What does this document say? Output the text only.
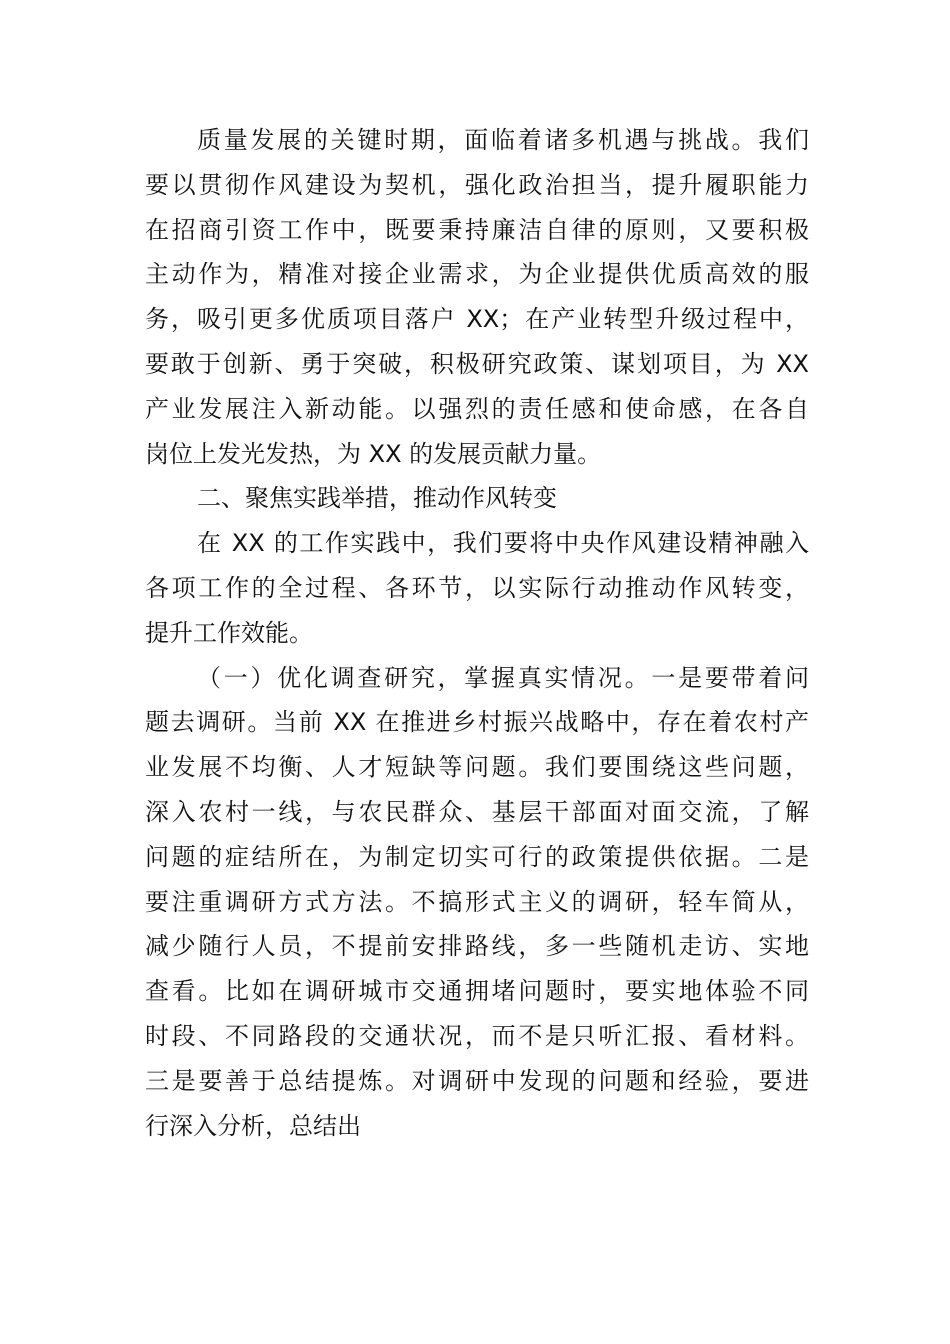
质量发展的关键时期，面临着诸多机遇与挑战。我们
要以贯彻作风建设为契机，强化政治担当，提升履职能力
在招商引资工作中，既要秉持廉洁自律的原则，又要积极
主动作为，精准对接企业需求，为企业提供优质高效的服
务，吸引更多优质项目落户 XX；在产业转型升级过程中，
要敢于创新、勇于突破，积极研究政策、谋划项目，为 XX
产业发展注入新动能。以强烈的责任感和使命感，在各自
岗位上发光发热，为 XX 的发展贡献力量。
二、聚焦实践举措，推动作风转变
在 XX 的工作实践中，我们要将中央作风建设精神融入
各项工作的全过程、各环节，以实际行动推动作风转变，
提升工作效能。
（一）优化调查研究，掌握真实情况。一是要带着问
题去调研。当前 XX 在推进乡村振兴战略中，存在着农村产
业发展不均衡、人才短缺等问题。我们要围绕这些问题，
深入农村一线，与农民群众、基层干部面对面交流，了解
问题的症结所在，为制定切实可行的政策提供依据。二是
要注重调研方式方法。不搞形式主义的调研，轻车简从，
减少随行人员，不提前安排路线，多一些随机走访、实地
查看。比如在调研城市交通拥堵问题时，要实地体验不同
时段、不同路段的交通状况，而不是只听汇报、看材料。
三是要善于总结提炼。对调研中发现的问题和经验，要进
行深入分析，总结出
